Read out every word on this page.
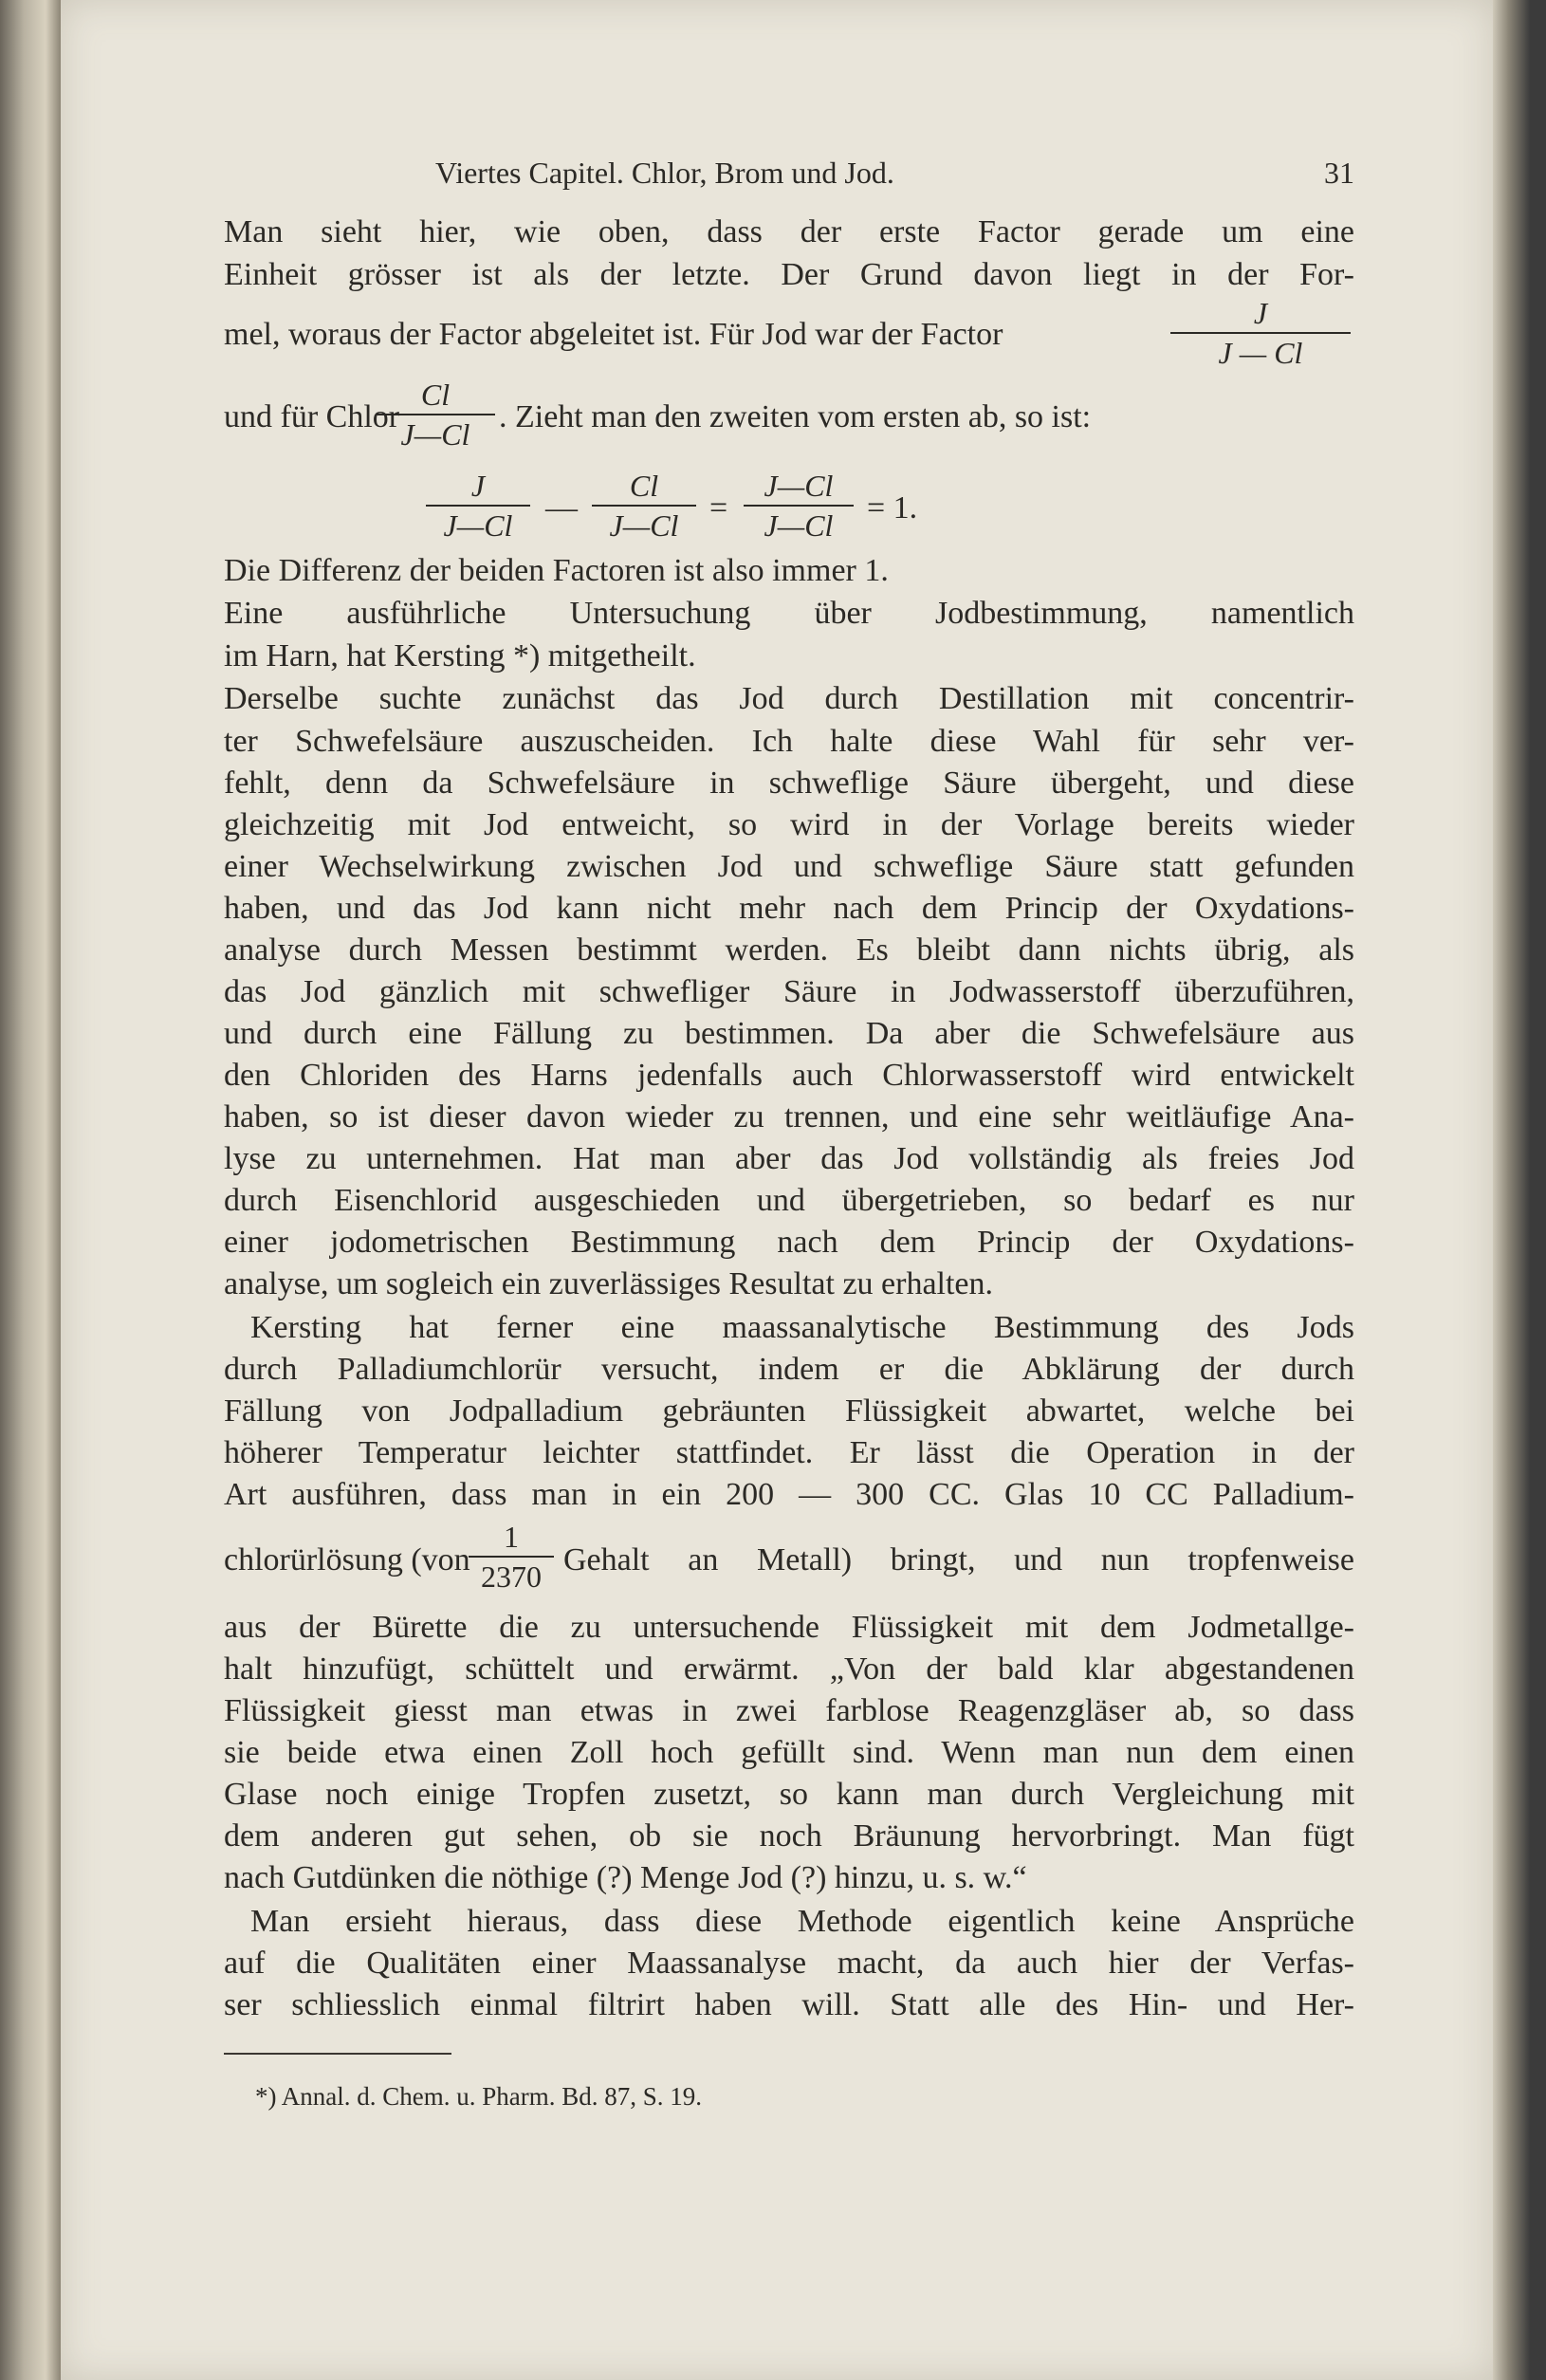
Viertes Capitel. Chlor, Brom und Jod.	31
Man sieht hier, wie oben, dass der erste Factor gerade um eine
Einheit grösser ist als der letzte. Der Grund davon liegt in der For-
mel, woraus der Factor abgeleitet ist. Für Jod war der Factor
J
J — Cl
und für Chlor	. Zieht man den zweiten vom ersten ab, so ist:
Cl
J—Cl
J
J—Cl	—
Cl
J—Cl =
J—Cl
J—Cl	= 1.
Die Differenz der beiden Factoren ist also immer 1.
Eine ausführliche Untersuchung über Jodbestimmung, namentlich
im Harn, hat Kersting *) mitgetheilt.
Derselbe suchte zunächst das Jod durch Destillation mit concentrir-
ter Schwefelsäure auszuscheiden. Ich halte diese Wahl für sehr ver-
fehlt, denn da Schwefelsäure in schweflige Säure übergeht, und diese
gleichzeitig mit Jod entweicht, so wird in der Vorlage bereits wieder
einer Wechselwirkung zwischen Jod und schweflige Säure statt gefunden
haben, und das Jod kann nicht mehr nach dem Princip der Oxydations-
analyse durch Messen bestimmt werden. Es bleibt dann nichts übrig, als
das Jod gänzlich mit schwefliger Säure in Jodwasserstoff überzuführen,
und durch eine Fällung zu bestimmen. Da aber die Schwefelsäure aus
den Chloriden des Harns jedenfalls auch Chlorwasserstoff wird entwickelt
haben, so ist dieser davon wieder zu trennen, und eine sehr weitläufige Ana-
lyse zu unternehmen. Hat man aber das Jod vollständig als freies Jod
durch Eisenchlorid ausgeschieden und übergetrieben, so bedarf es nur
einer jodometrischen Bestimmung nach dem Princip der Oxydations-
analyse, um sogleich ein zuverlässiges Resultat zu erhalten.
Kersting hat ferner eine maassanalytische Bestimmung des Jods
durch Palladiumchlorür versucht, indem er die Abklärung der durch
Fällung von Jodpalladium gebräunten Flüssigkeit abwartet, welche bei
höherer Temperatur leichter stattfindet. Er lässt die Operation in der
Art ausführen, dass man in ein 200 — 300 CC. Glas 10 CC Palladium-
chlorürlösung (von	Gehalt an Metall) bringt, und nun tropfenweise
1
2370
aus der Bürette die zu untersuchende Flüssigkeit mit dem Jodmetallge-
halt hinzufügt, schüttelt und erwärmt. „Von der bald klar abgestandenen
Flüssigkeit giesst man etwas in zwei farblose Reagenzgläser ab, so dass
sie beide etwa einen Zoll hoch gefüllt sind. Wenn man nun dem einen
Glase noch einige Tropfen zusetzt, so kann man durch Vergleichung mit
dem anderen gut sehen, ob sie noch Bräunung hervorbringt. Man fügt
nach Gutdünken die nöthige (?) Menge Jod (?) hinzu, u. s. w.“
Man ersieht hieraus, dass diese Methode eigentlich keine Ansprüche
auf die Qualitäten einer Maassanalyse macht, da auch hier der Verfas-
ser schliesslich einmal filtrirt haben will. Statt alle des Hin- und Her-
*) Annal. d. Chem. u. Pharm. Bd. 87, S. 19.
